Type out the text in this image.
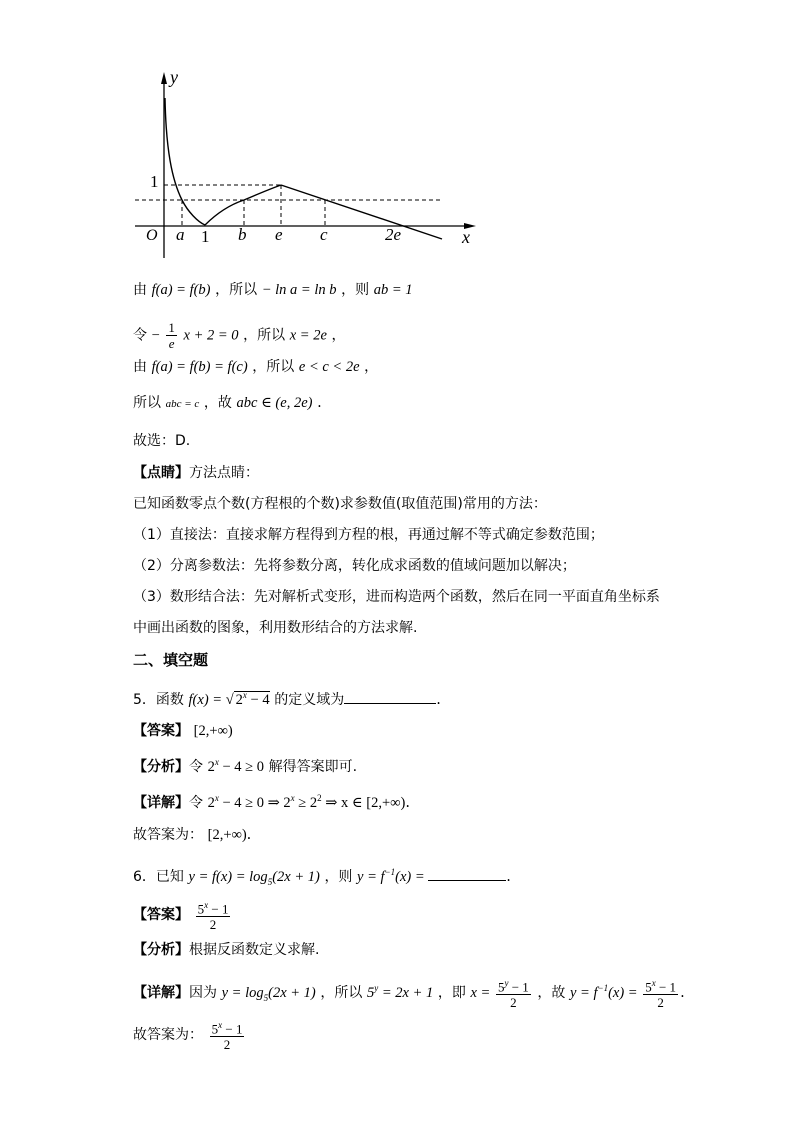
y
x
O
1
a 1 b e c	2e
由 f(a) = f(b) ，所以 − ln a = ln b ，则 ab = 1
令 − $\frac{1}{e}$ x + 2 = 0 ，所以 x = 2e ，
由 f(a) = f(b) = f(c) ，所以 e < c < 2e ，
所以 abc = c ，故 abc ∈ (e, 2e) .
故选：D.
【点睛】方法点睛：
已知函数零点个数(方程根的个数)求参数值(取值范围)常用的方法：
（1）直接法：直接求解方程得到方程的根，再通过解不等式确定参数范围；
（2）分离参数法：先将参数分离，转化成求函数的值域问题加以解决；
（3）数形结合法：先对解析式变形，进而构造两个函数，然后在同一平面直角坐标系
中画出函数的图象，利用数形结合的方法求解.
二、填空题
5．函数 f(x) = √ $2^x - 4$ 的定义域为	.
【答案】 [2,+∞)
【分析】令 $2^x - 4 \ge 0$ 解得答案即可.
【详解】令 $2^x - 4 \ge 0$ ⇒ $2^x \ge 2^2$ ⇒ x ∈ [2,+∞).
故答案为： [2,+∞).
6．已知 $y = f(x) = \log_5(2x + 1)$ ，则 $y = f^{-1}(x)$ =	.
【答案】 $\frac{5^x - 1}{2}$
【分析】根据反函数定义求解.
【详解】因为 $y = \log_5(2x + 1)$ ，所以 $5^y = 2x + 1$ ，即 $x = \frac{5^y - 1}{2}$ ，故 $y = f^{-1}(x) = \frac{5^x - 1}{2}$ .
故答案为： $\frac{5^x - 1}{2}$
